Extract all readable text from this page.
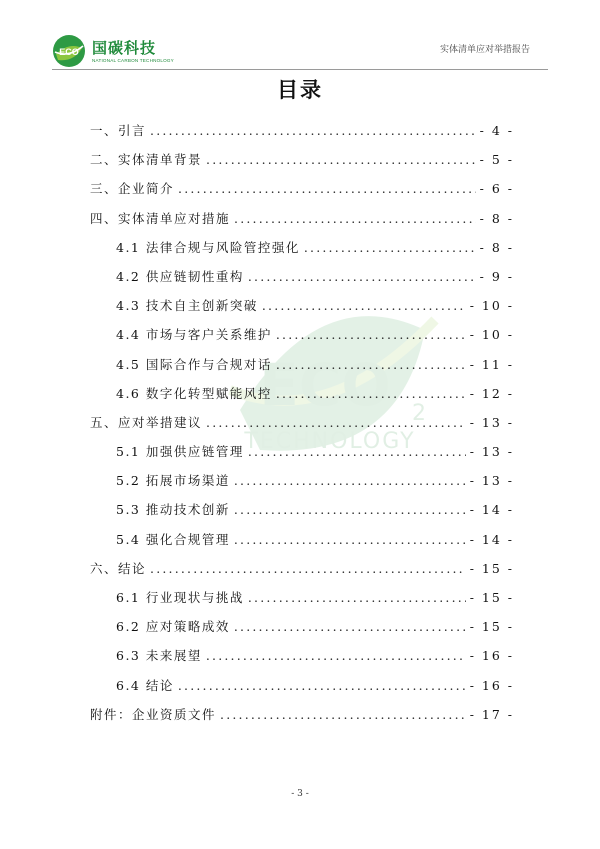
ECO 国碳科技
NATIONAL CARBON TECHNOLOGY
实体清单应对举措报告
ECO 2
TECHNOLOGY
目录
一、引言 .....	- 4 -
二、实体清单背景 .....	- 5 -
三、企业简介 .....	- 6 -
四、实体清单应对措施 .....	- 8 -
4.1 法律合规与风险管控强化 .....	- 8 -
4.2 供应链韧性重构 .....	- 9 -
4.3 技术自主创新突破 .....	- 10 -
4.4 市场与客户关系维护 .....	- 10 -
4.5 国际合作与合规对话 .....	- 11 -
4.6 数字化转型赋能风控 .....	- 12 -
五、应对举措建议 .....	- 13 -
5.1 加强供应链管理 .....	- 13 -
5.2 拓展市场渠道 .....	- 13 -
5.3 推动技术创新 .....	- 14 -
5.4 强化合规管理 .....	- 14 -
六、结论 .....	- 15 -
6.1 行业现状与挑战 .....	- 15 -
6.2 应对策略成效 .....	- 15 -
6.3 未来展望 .....	- 16 -
6.4 结论 .....	- 16 -
附件：企业资质文件 .....	- 17 -
- 3 -
